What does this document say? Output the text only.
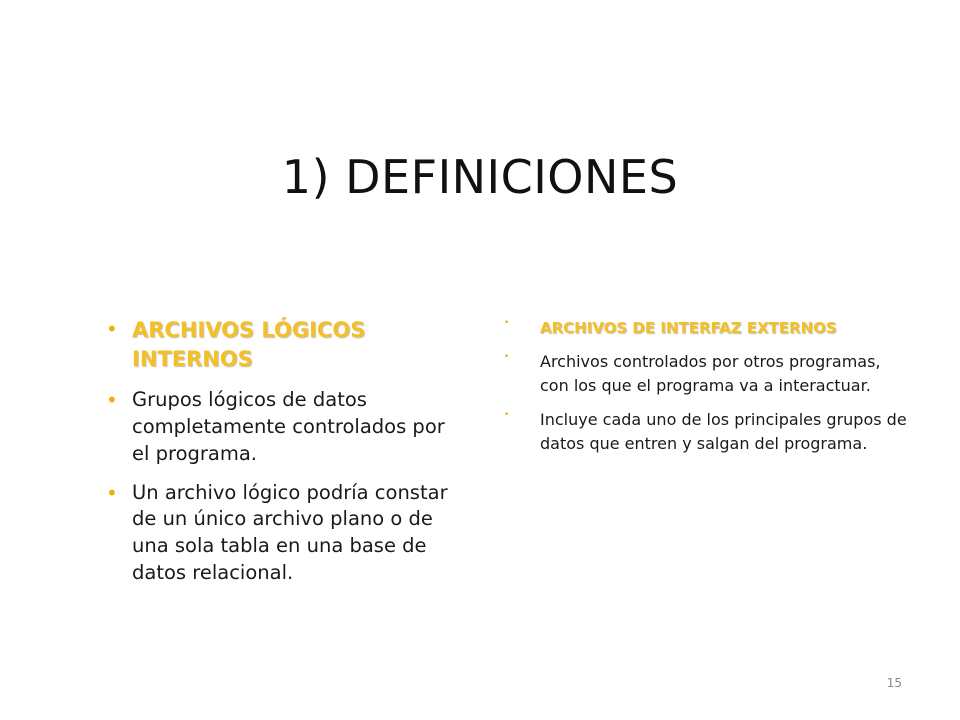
1) DEFINICIONES
• ARCHIVOS LÓGICOS INTERNOS
• Grupos lógicos de datos completamente controlados por el programa.
• Un archivo lógico podría constar de un único archivo plano o de una sola tabla en una base de datos relacional.
• ARCHIVOS DE INTERFAZ EXTERNOS
• Archivos controlados por otros programas, con los que el programa va a interactuar.
• Incluye cada uno de los principales grupos de datos que entren y salgan del programa.
15
